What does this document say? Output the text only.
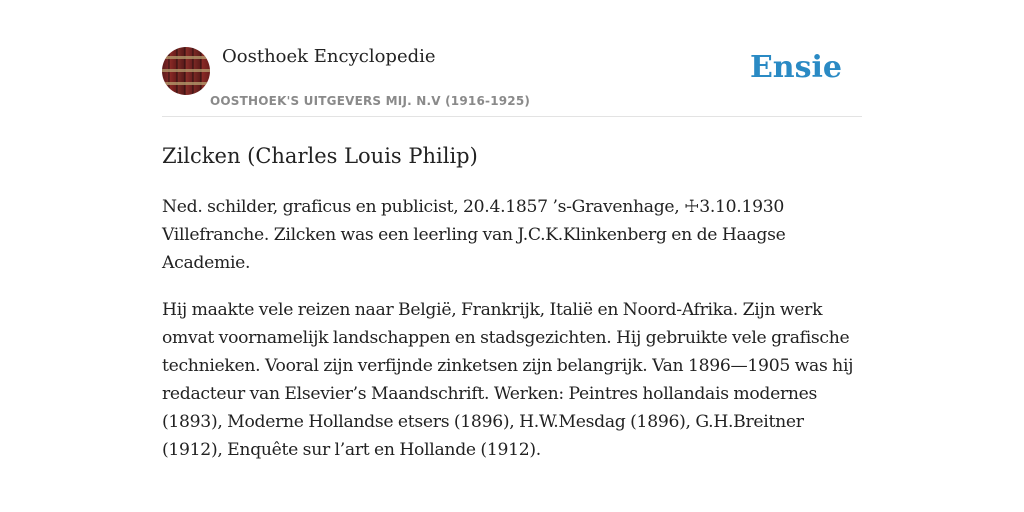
Oosthoek Encyclopedie
OOSTHOEK'S UITGEVERS MIJ. N.V (1916-1925)
Ensie
Zilcken (Charles Louis Philip)

Ned. schilder, graficus en publicist, 20.4.1857 ’s-Gravenhage, ☩3.10.1930 Villefranche. Zilcken was een leerling van J.C.K.Klinkenberg en de Haagse Academie.

Hij maakte vele reizen naar België, Frankrijk, Italië en Noord-Afrika. Zijn werk omvat voornamelijk landschappen en stadsgezichten. Hij gebruikte vele grafische technieken. Vooral zijn verfijnde zinketsen zijn belangrijk. Van 1896—1905 was hij redacteur van Elsevier’s Maandschrift. Werken: Peintres hollandais modernes (1893), Moderne Hollandse etsers (1896), H.W.Mesdag (1896), G.H.Breitner (1912), Enquête sur l’art en Hollande (1912).
